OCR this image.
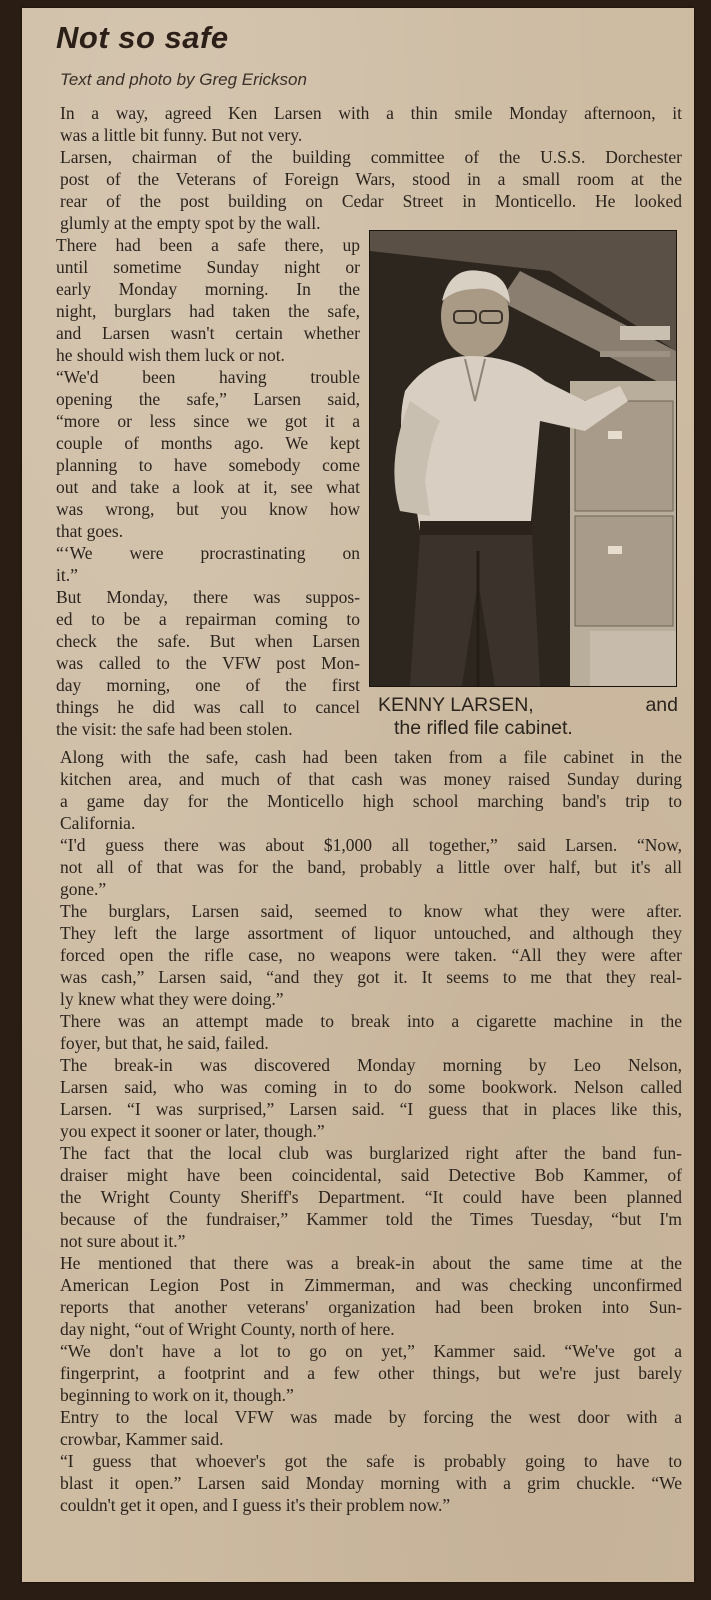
Not so safe
Text and photo by Greg Erickson

In a way, agreed Ken Larsen with a thin smile Monday afternoon, it
was a little bit funny. But not very.

Larsen, chairman of the building committee of the U.S.S. Dorchester
post of the Veterans of Foreign Wars, stood in a small room at the
rear of the post building on Cedar Street in Monticello. He looked
glumly at the empty spot by the wall.

There had been a safe there, up
until sometime Sunday night or
early Monday morning. In the
night, burglars had taken the safe,
and Larsen wasn't certain whether
he should wish them luck or not.

“We'd been having trouble
opening the safe,” Larsen said,
“more or less since we got it a
couple of months ago. We kept
planning to have somebody come
out and take a look at it, see what
was wrong, but you know how
that goes.

“‘We were procrastinating on
it.”

But Monday, there was suppos-
ed to be a repairman coming to
check the safe. But when Larsen
was called to the VFW post Mon-
day morning, one of the first
things he did was call to cancel
the visit: the safe had been stolen.

KENNY LARSEN,	and
the rifled file cabinet.

Along with the safe, cash had been taken from a file cabinet in the
kitchen area, and much of that cash was money raised Sunday during
a game day for the Monticello high school marching band's trip to
California.

“I'd guess there was about $1,000 all together,” said Larsen. “Now,
not all of that was for the band, probably a little over half, but it's all
gone.”

The burglars, Larsen said, seemed to know what they were after.
They left the large assortment of liquor untouched, and although they
forced open the rifle case, no weapons were taken. “All they were after
was cash,” Larsen said, “and they got it. It seems to me that they real-
ly knew what they were doing.”

There was an attempt made to break into a cigarette machine in the
foyer, but that, he said, failed.

The break-in was discovered Monday morning by Leo Nelson,
Larsen said, who was coming in to do some bookwork. Nelson called
Larsen. “I was surprised,” Larsen said. “I guess that in places like this,
you expect it sooner or later, though.”

The fact that the local club was burglarized right after the band fun-
draiser might have been coincidental, said Detective Bob Kammer, of
the Wright County Sheriff's Department. “It could have been planned
because of the fundraiser,” Kammer told the Times Tuesday, “but I'm
not sure about it.”

He mentioned that there was a break-in about the same time at the
American Legion Post in Zimmerman, and was checking unconfirmed
reports that another veterans' organization had been broken into Sun-
day night, “out of Wright County, north of here.

“We don't have a lot to go on yet,” Kammer said. “We've got a
fingerprint, a footprint and a few other things, but we're just barely
beginning to work on it, though.”

Entry to the local VFW was made by forcing the west door with a
crowbar, Kammer said.

“I guess that whoever's got the safe is probably going to have to
blast it open.” Larsen said Monday morning with a grim chuckle. “We
couldn't get it open, and I guess it's their problem now.”
